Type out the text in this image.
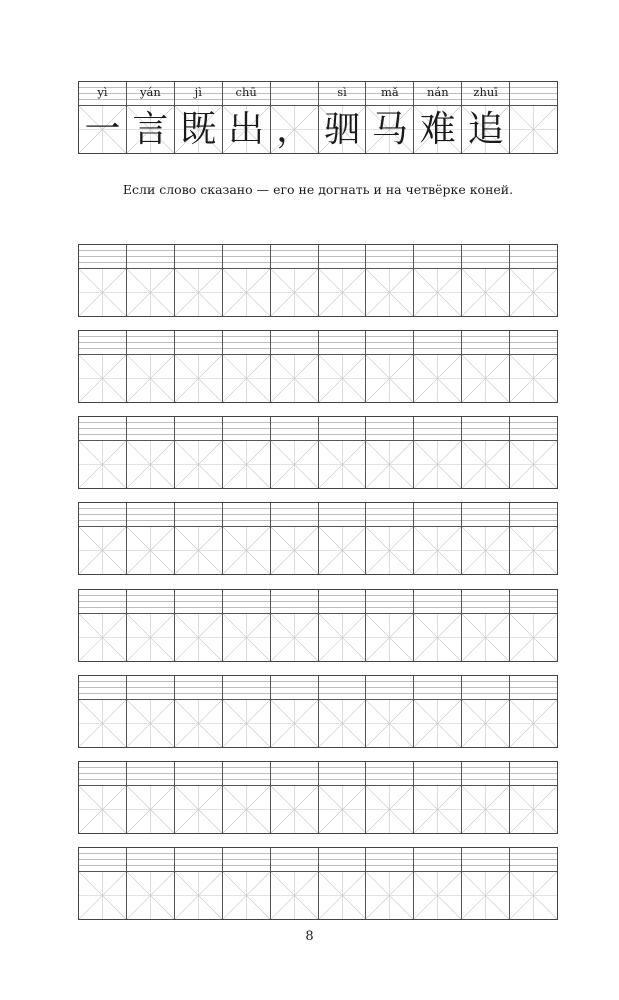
yì
一
yán
言
jì
既
chū
出 ，
sì
驷
mǎ
马
nán
难
zhuī
追
Если слово сказано — его не догнать и на четвёрке коней.
8
